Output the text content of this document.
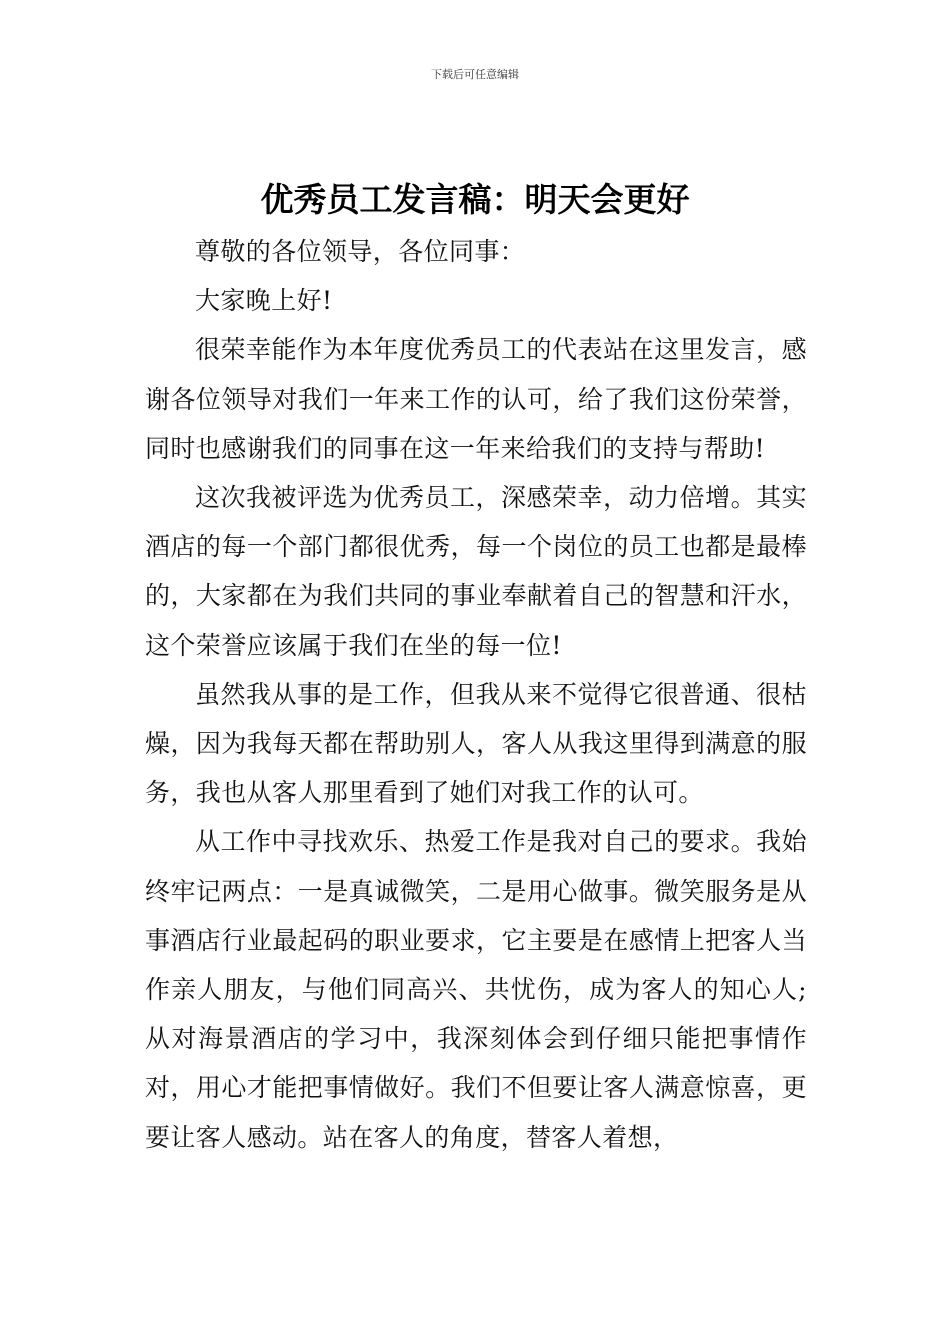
下载后可任意编辑
优秀员工发言稿：明天会更好

尊敬的各位领导，各位同事：

大家晚上好!

很荣幸能作为本年度优秀员工的代表站在这里发言，感谢各位领导对我们一年来工作的认可，给了我们这份荣誉，同时也感谢我们的同事在这一年来给我们的支持与帮助!

这次我被评选为优秀员工，深感荣幸，动力倍增。其实酒店的每一个部门都很优秀，每一个岗位的员工也都是最棒的，大家都在为我们共同的事业奉献着自己的智慧和汗水，这个荣誉应该属于我们在坐的每一位!

虽然我从事的是工作，但我从来不觉得它很普通、很枯燥，因为我每天都在帮助别人，客人从我这里得到满意的服务，我也从客人那里看到了她们对我工作的认可。

从工作中寻找欢乐、热爱工作是我对自己的要求。我始终牢记两点：一是真诚微笑，二是用心做事。微笑服务是从事酒店行业最起码的职业要求，它主要是在感情上把客人当作亲人朋友，与他们同高兴、共忧伤，成为客人的知心人;从对海景酒店的学习中，我深刻体会到仔细只能把事情作对，用心才能把事情做好。我们不但要让客人满意惊喜，更要让客人感动。站在客人的角度，替客人着想，
